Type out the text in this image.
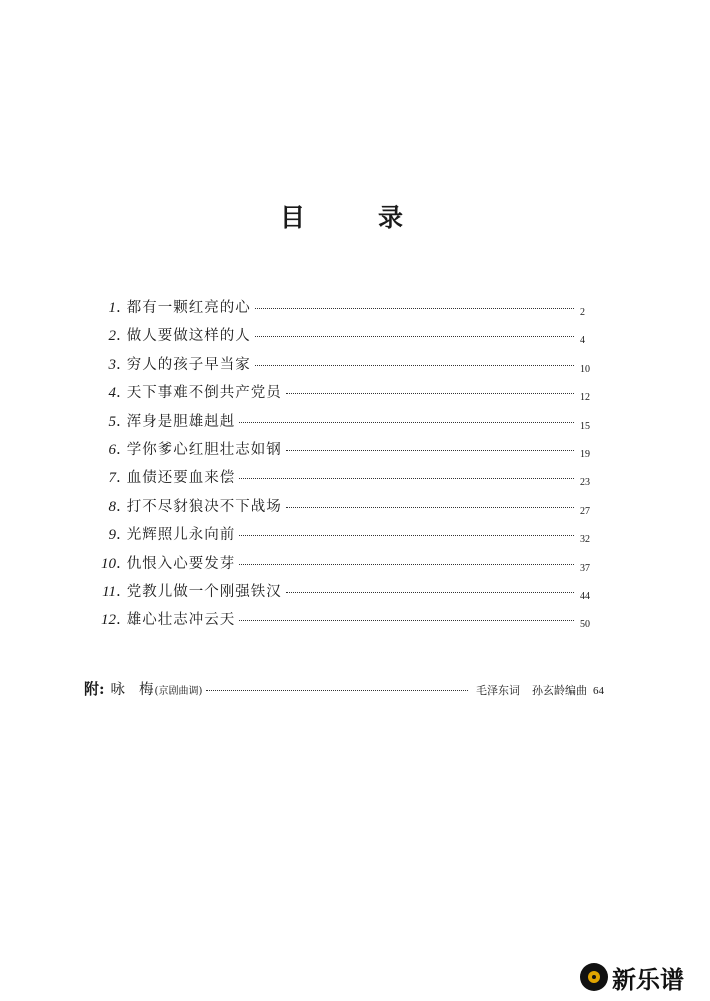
目	录
1 . 都有一颗红亮的心	2
2 . 做人要做这样的人	4
3 . 穷人的孩子早当家	10
4 . 天下事难不倒共产党员	12
5 . 浑身是胆雄赳赳	15
6 . 学你爹心红胆壮志如钢	19
7 . 血债还要血来偿	23
8 . 打不尽豺狼决不下战场	27
9 . 光辉照儿永向前	32
10 . 仇恨入心要发芽	37
11 . 党教儿做一个刚强铁汉	44
12 . 雄心壮志冲云天	50
附: 咏 梅 (京剧曲调)	毛泽东词 孙玄龄编曲 64
新乐谱
